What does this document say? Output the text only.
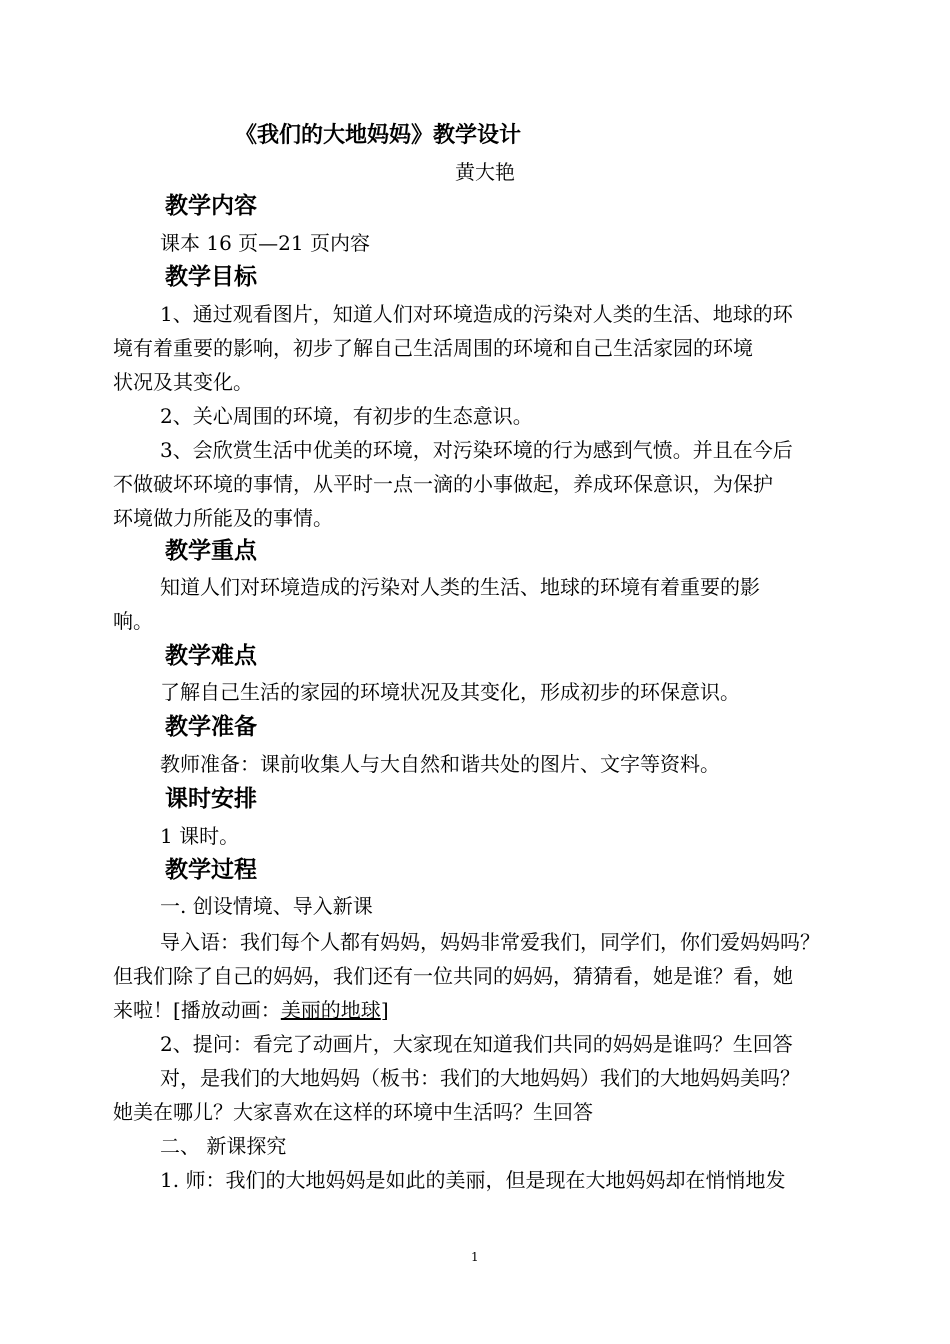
《我们的大地妈妈》教学设计
黄大艳
教学内容
课本 16 页—21 页内容
教学目标
1、通过观看图片，知道人们对环境造成的污染对人类的生活、地球的环
境有着重要的影响，初步了解自己生活周围的环境和自己生活家园的环境
状况及其变化。
2、关心周围的环境，有初步的生态意识。
3、会欣赏生活中优美的环境，对污染环境的行为感到气愤。并且在今后
不做破坏环境的事情，从平时一点一滴的小事做起，养成环保意识，为保护
环境做力所能及的事情。
教学重点
知道人们对环境造成的污染对人类的生活、地球的环境有着重要的影
响。
教学难点
了解自己生活的家园的环境状况及其变化，形成初步的环保意识。
教学准备
教师准备：课前收集人与大自然和谐共处的图片、文字等资料。
课时安排
1 课时。
教学过程
一. 创设情境、导入新课
导入语：我们每个人都有妈妈，妈妈非常爱我们，同学们，你们爱妈妈吗？
但我们除了自己的妈妈，我们还有一位共同的妈妈，猜猜看，她是谁？看，她
来啦！[播放动画：美丽的地球]
2、提问：看完了动画片，大家现在知道我们共同的妈妈是谁吗？生回答
对，是我们的大地妈妈（板书：我们的大地妈妈）我们的大地妈妈美吗？
她美在哪儿？大家喜欢在这样的环境中生活吗？生回答
二、 新课探究
1. 师：我们的大地妈妈是如此的美丽，但是现在大地妈妈却在悄悄地发
1
